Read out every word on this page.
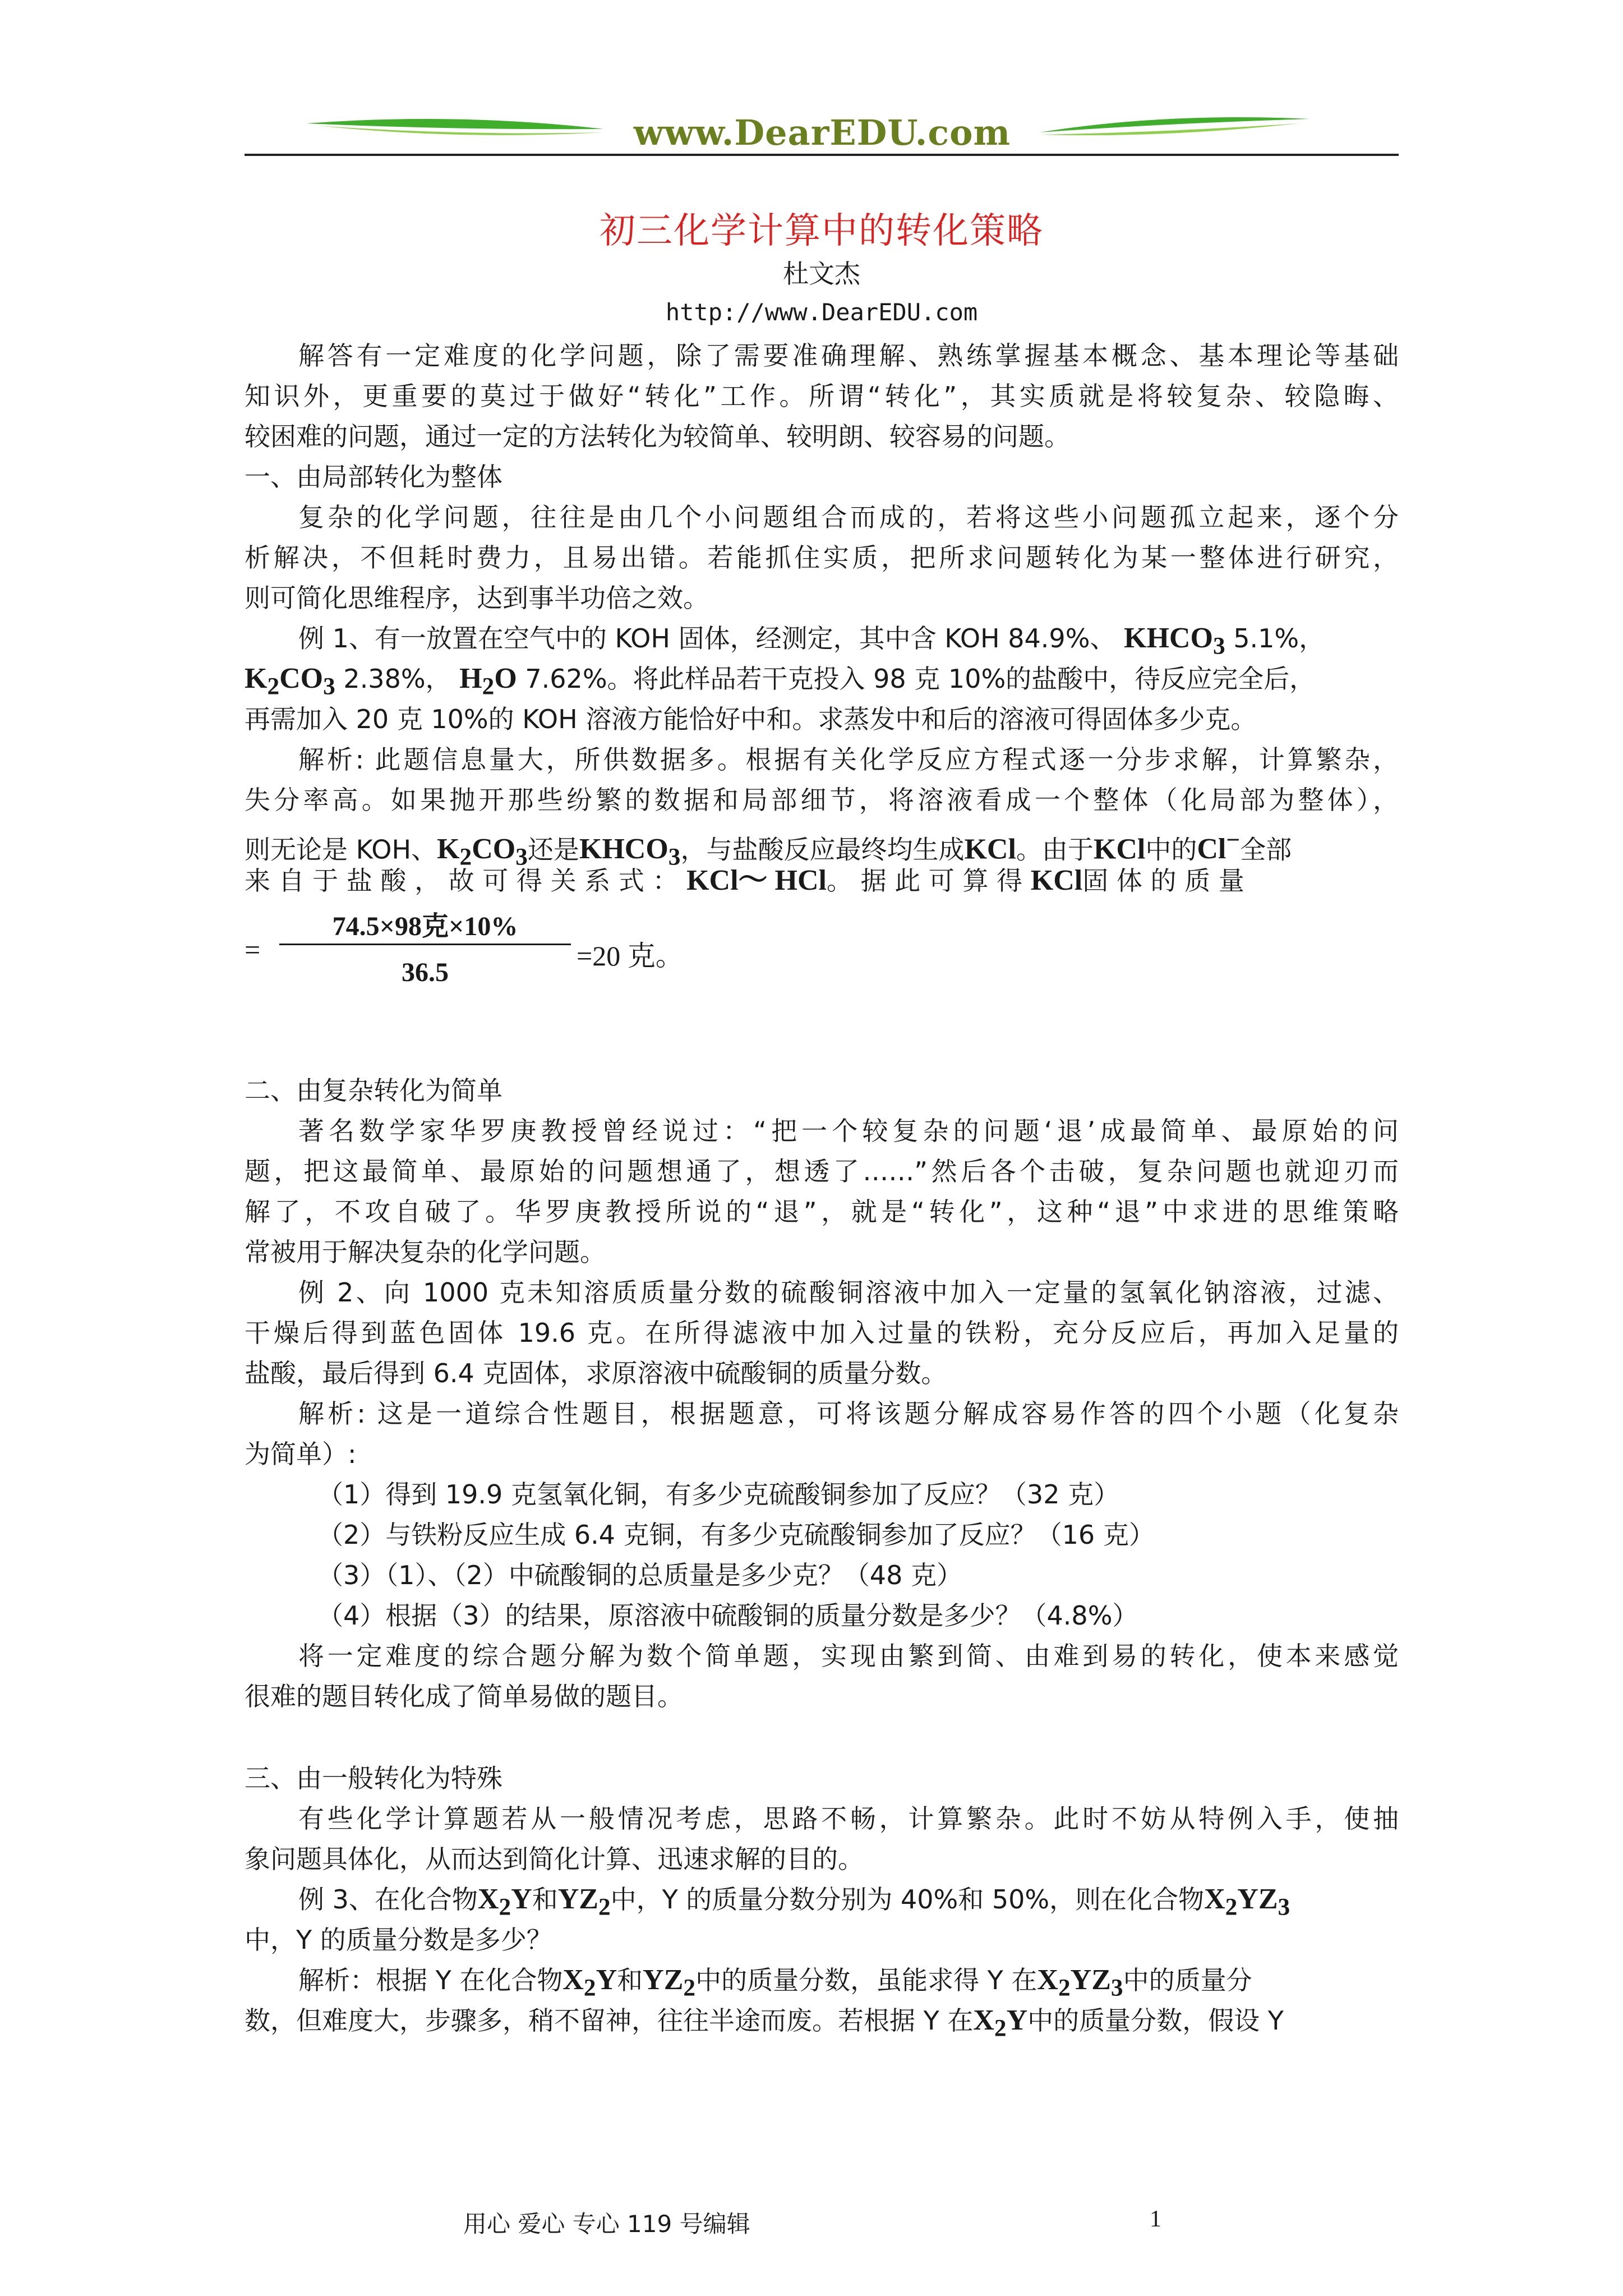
www.DearEDU.com
初三化学计算中的转化策略
杜文杰
http://www.DearEDU.com
解答有一定难度的化学问题，除了需要准确理解、熟练掌握基本概念、基本理论等基础
知识外，更重要的莫过于做好“转化”工作。所谓“转化”，其实质就是将较复杂、较隐晦、
较困难的问题，通过一定的方法转化为较简单、较明朗、较容易的问题。
一、由局部转化为整体
复杂的化学问题，往往是由几个小问题组合而成的，若将这些小问题孤立起来，逐个分
析解决，不但耗时费力，且易出错。若能抓住实质，把所求问题转化为某一整体进行研究，
则可简化思维程序，达到事半功倍之效。
例 1、有一放置在空气中的 KOH 固体，经测定，其中含 KOH 84.9%、 $KHCO_3$ 5.1%，
$K_2CO_3$ 2.38%， $H_2O$ 7.62%。将此样品若干克投入 98 克 10%的盐酸中，待反应完全后，
再需加入 20 克 10%的 KOH 溶液方能恰好中和。求蒸发中和后的溶液可得固体多少克。
解析: 此题信息量大，所供数据多。根据有关化学反应方程式逐一分步求解，计算繁杂，
失分率高。如果抛开那些纷繁的数据和局部细节，将溶液看成一个整体（化局部为整体），
则无论是 KOH、$K_2CO_3$还是$KHCO_3$，与盐酸反应最终均生成KCl。由于KCl中的Cl−全部
来 自 于 盐 酸 ， 故 可 得 关 系 式 ： KCl～ HCl。 据 此 可 算 得 KCl固 体 的 质 量
=
74.5×98克×10%
36.5
=20 克。
二、由复杂转化为简单
著名数学家华罗庚教授曾经说过：“把一个较复杂的问题‘退’成最简单、最原始的问
题，把这最简单、最原始的问题想通了，想透了……”然后各个击破，复杂问题也就迎刃而
解了，不攻自破了。华罗庚教授所说的“退”，就是“转化”，这种“退”中求进的思维策略
常被用于解决复杂的化学问题。
例 2、向 1000 克未知溶质质量分数的硫酸铜溶液中加入一定量的氢氧化钠溶液，过滤、
干燥后得到蓝色固体 19.6 克。在所得滤液中加入过量的铁粉，充分反应后，再加入足量的
盐酸，最后得到 6.4 克固体，求原溶液中硫酸铜的质量分数。
解析: 这是一道综合性题目，根据题意，可将该题分解成容易作答的四个小题（化复杂
为简单）:
（1）得到 19.9 克氢氧化铜，有多少克硫酸铜参加了反应？（32 克）
（2）与铁粉反应生成 6.4 克铜，有多少克硫酸铜参加了反应？（16 克）
（3）（1）、（2）中硫酸铜的总质量是多少克？（48 克）
（4）根据（3）的结果，原溶液中硫酸铜的质量分数是多少？（4.8%）
将一定难度的综合题分解为数个简单题，实现由繁到简、由难到易的转化，使本来感觉
很难的题目转化成了简单易做的题目。
三、由一般转化为特殊
有些化学计算题若从一般情况考虑，思路不畅，计算繁杂。此时不妨从特例入手，使抽
象问题具体化，从而达到简化计算、迅速求解的目的。
例 3、在化合物$X_2Y$和$YZ_2$中，Y 的质量分数分别为 40%和 50%，则在化合物$X_2YZ_3$
中，Y 的质量分数是多少？
解析：根据 Y 在化合物$X_2Y$和$YZ_2$中的质量分数，虽能求得 Y 在$X_2YZ_3$中的质量分
数，但难度大，步骤多，稍不留神，往往半途而废。若根据 Y 在$X_2Y$中的质量分数，假设 Y
用心 爱心 专心 119 号编辑	1
